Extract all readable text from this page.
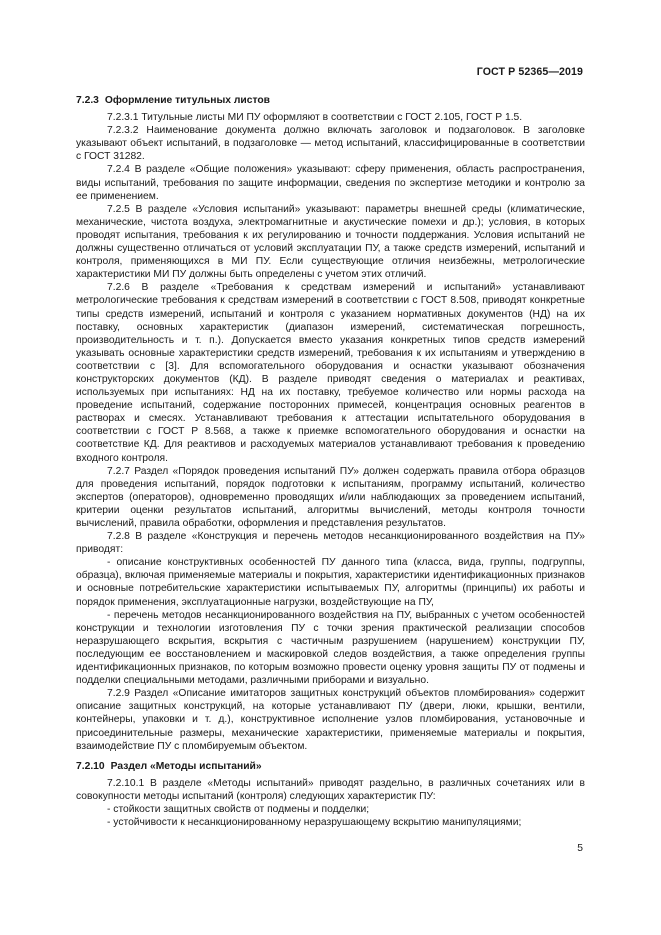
ГОСТ Р 52365—2019
7.2.3 Оформление титульных листов

7.2.3.1 Титульные листы МИ ПУ оформляют в соответствии с ГОСТ 2.105, ГОСТ Р 1.5.

7.2.3.2 Наименование документа должно включать заголовок и подзаголовок. В заголовке указывают объект испытаний, в подзаголовке — метод испытаний, классифицированные в соответствии с ГОСТ 31282.

7.2.4 В разделе «Общие положения» указывают: сферу применения, область распространения, виды испытаний, требования по защите информации, сведения по экспертизе методики и контролю за ее применением.

7.2.5 В разделе «Условия испытаний» указывают: параметры внешней среды (климатические, механические, чистота воздуха, электромагнитные и акустические помехи и др.); условия, в которых проводят испытания, требования к их регулированию и точности поддержания. Условия испытаний не должны существенно отличаться от условий эксплуатации ПУ, а также средств измерений, испытаний и контроля, применяющихся в МИ ПУ. Если существующие отличия неизбежны, метрологические характеристики МИ ПУ должны быть определены с учетом этих отличий.

7.2.6 В разделе «Требования к средствам измерений и испытаний» устанавливают метрологические требования к средствам измерений в соответствии с ГОСТ 8.508, приводят конкретные типы средств измерений, испытаний и контроля с указанием нормативных документов (НД) на их поставку, основных характеристик (диапазон измерений, систематическая погрешность, производительность и т. п.). Допускается вместо указания конкретных типов средств измерений указывать основные характеристики средств измерений, требования к их испытаниям и утверждению в соответствии с [3]. Для вспомогательного оборудования и оснастки указывают обозначения конструкторских документов (КД). В разделе приводят сведения о материалах и реактивах, используемых при испытаниях: НД на их поставку, требуемое количество или нормы расхода на проведение испытаний, содержание посторонних примесей, концентрация основных реагентов в растворах и смесях. Устанавливают требования к аттестации испытательного оборудования в соответствии с ГОСТ Р 8.568, а также к приемке вспомогательного оборудования и оснастки на соответствие КД. Для реактивов и расходуемых материалов устанавливают требования к проведению входного контроля.

7.2.7 Раздел «Порядок проведения испытаний ПУ» должен содержать правила отбора образцов для проведения испытаний, порядок подготовки к испытаниям, программу испытаний, количество экспертов (операторов), одновременно проводящих и/или наблюдающих за проведением испытаний, критерии оценки результатов испытаний, алгоритмы вычислений, методы контроля точности вычислений, правила обработки, оформления и представления результатов.

7.2.8 В разделе «Конструкция и перечень методов несанкционированного воздействия на ПУ» приводят:

- описание конструктивных особенностей ПУ данного типа (класса, вида, группы, подгруппы, образца), включая применяемые материалы и покрытия, характеристики идентификационных признаков и основные потребительские характеристики испытываемых ПУ, алгоритмы (принципы) их работы и порядок применения, эксплуатационные нагрузки, воздействующие на ПУ,

- перечень методов несанкционированного воздействия на ПУ, выбранных с учетом особенностей конструкции и технологии изготовления ПУ с точки зрения практической реализации способов неразрушающего вскрытия, вскрытия с частичным разрушением (нарушением) конструкции ПУ, последующим ее восстановлением и маскировкой следов воздействия, а также определения группы идентификационных признаков, по которым возможно провести оценку уровня защиты ПУ от подмены и подделки специальными методами, различными приборами и визуально.

7.2.9 Раздел «Описание имитаторов защитных конструкций объектов пломбирования» содержит описание защитных конструкций, на которые устанавливают ПУ (двери, люки, крышки, вентили, контейнеры, упаковки и т. д.), конструктивное исполнение узлов пломбирования, установочные и присоединительные размеры, механические характеристики, применяемые материалы и покрытия, взаимодействие ПУ с пломбируемым объектом.

7.2.10 Раздел «Методы испытаний»

7.2.10.1 В разделе «Методы испытаний» приводят раздельно, в различных сочетаниях или в совокупности методы испытаний (контроля) следующих характеристик ПУ:

- стойкости защитных свойств от подмены и подделки;

- устойчивости к несанкционированному неразрушающему вскрытию манипуляциями;

5
